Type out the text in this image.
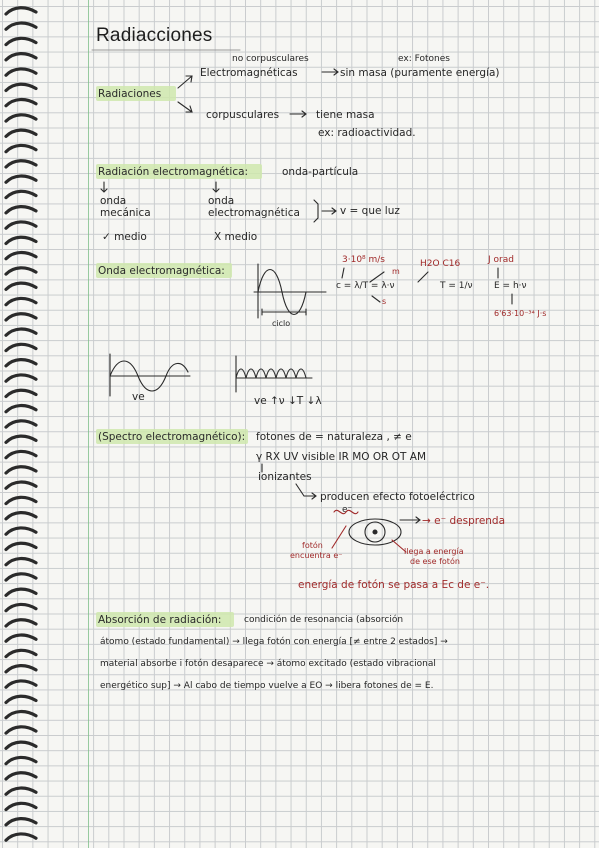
Radiacciones
Radiaciones
no corpusculares	ex: Fotones
Electromagnéticas	sin masa (puramente energía)
corpusculares	tiene masa
ex: radioactividad.
Radiación electromagnética:	onda-partícula
onda
mecánica
onda
electromagnética	v = que luz
✓ medio	X medio
Onda electromagnética:
ciclo
3·10⁸ m/s
m
c = λ/T = λ·ν
s
H2O C16
T = 1/ν
J orad
E = h·ν
6'63·10⁻³⁴ J·s
ve	ve ↑ν ↓T ↓λ
(Spectro electromagnético): fotones de = naturaleza , ≠ e
γ RX UV visible IR MO OR OT AM
ionizantes
producen efecto fotoeléctrico
e⁻
→ e⁻ desprenda
fotón
encuentra e⁻	llega a energía
de ese fotón
energía de fotón se pasa a Ec de e⁻.
Absorción de radiación:	condición de resonancia (absorción
átomo (estado fundamental) → llega fotón con energía [≠ entre 2 estados] →
material absorbe i fotón desaparece → átomo excitado (estado vibracional
energético sup] → Al cabo de tiempo vuelve a EO → libera fotones de = E.
